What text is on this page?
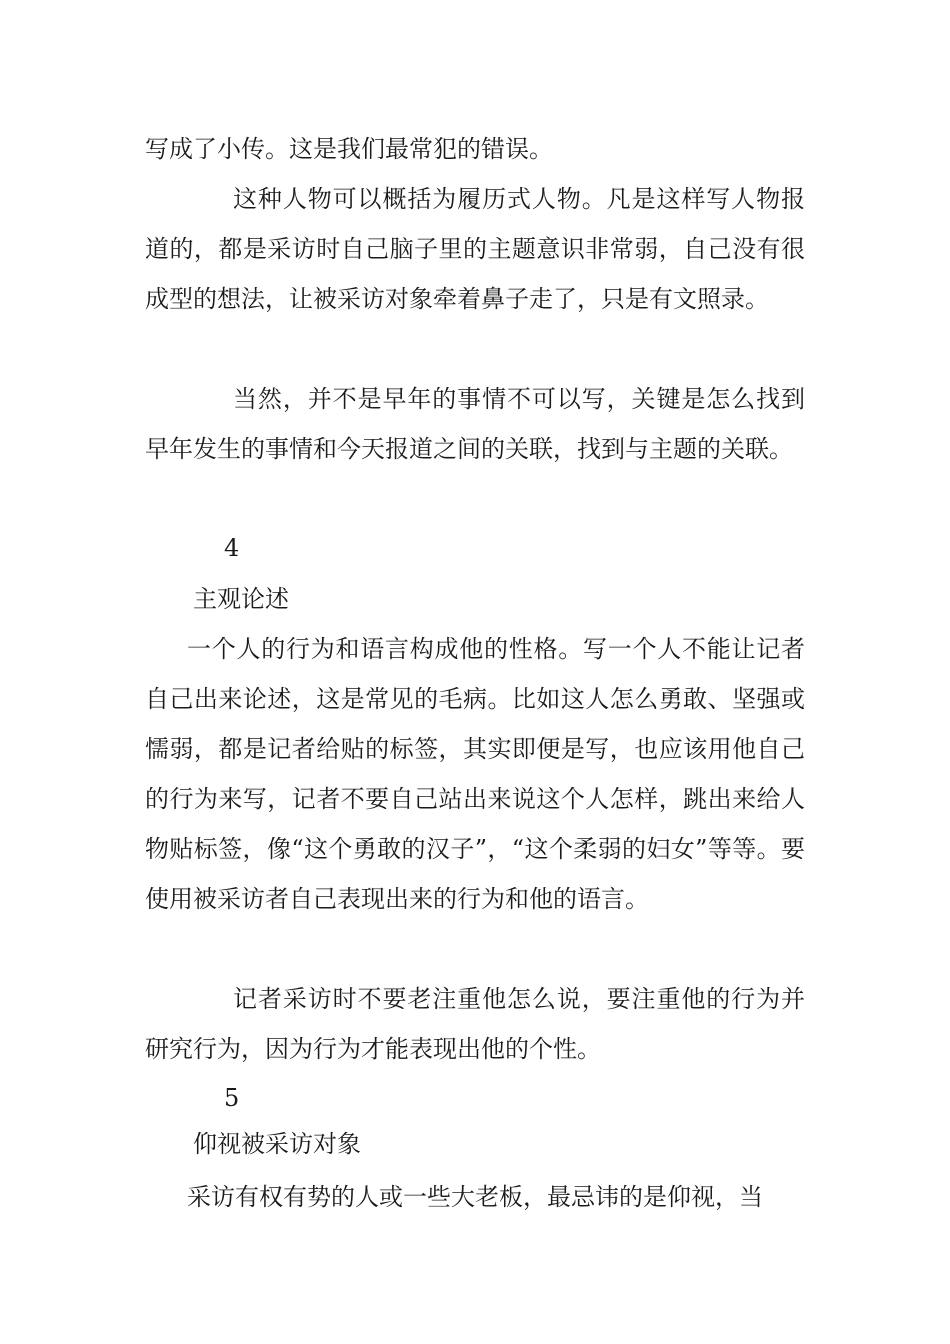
写成了小传。这是我们最常犯的错误。

这种人物可以概括为履历式人物。凡是这样写人物报道的，都是采访时自己脑子里的主题意识非常弱，自己没有很成型的想法，让被采访对象牵着鼻子走了，只是有文照录。

当然，并不是早年的事情不可以写，关键是怎么找到早年发生的事情和今天报道之间的关联，找到与主题的关联。

4
主观论述

一个人的行为和语言构成他的性格。写一个人不能让记者自己出来论述，这是常见的毛病。比如这人怎么勇敢、坚强或懦弱，都是记者给贴的标签，其实即便是写，也应该用他自己的行为来写，记者不要自己站出来说这个人怎样，跳出来给人物贴标签，像“这个勇敢的汉子”，“这个柔弱的妇女”等等。要使用被采访者自己表现出来的行为和他的语言。

记者采访时不要老注重他怎么说，要注重他的行为并研究行为，因为行为才能表现出他的个性。

5
仰视被采访对象

采访有权有势的人或一些大老板，最忌讳的是仰视，当
